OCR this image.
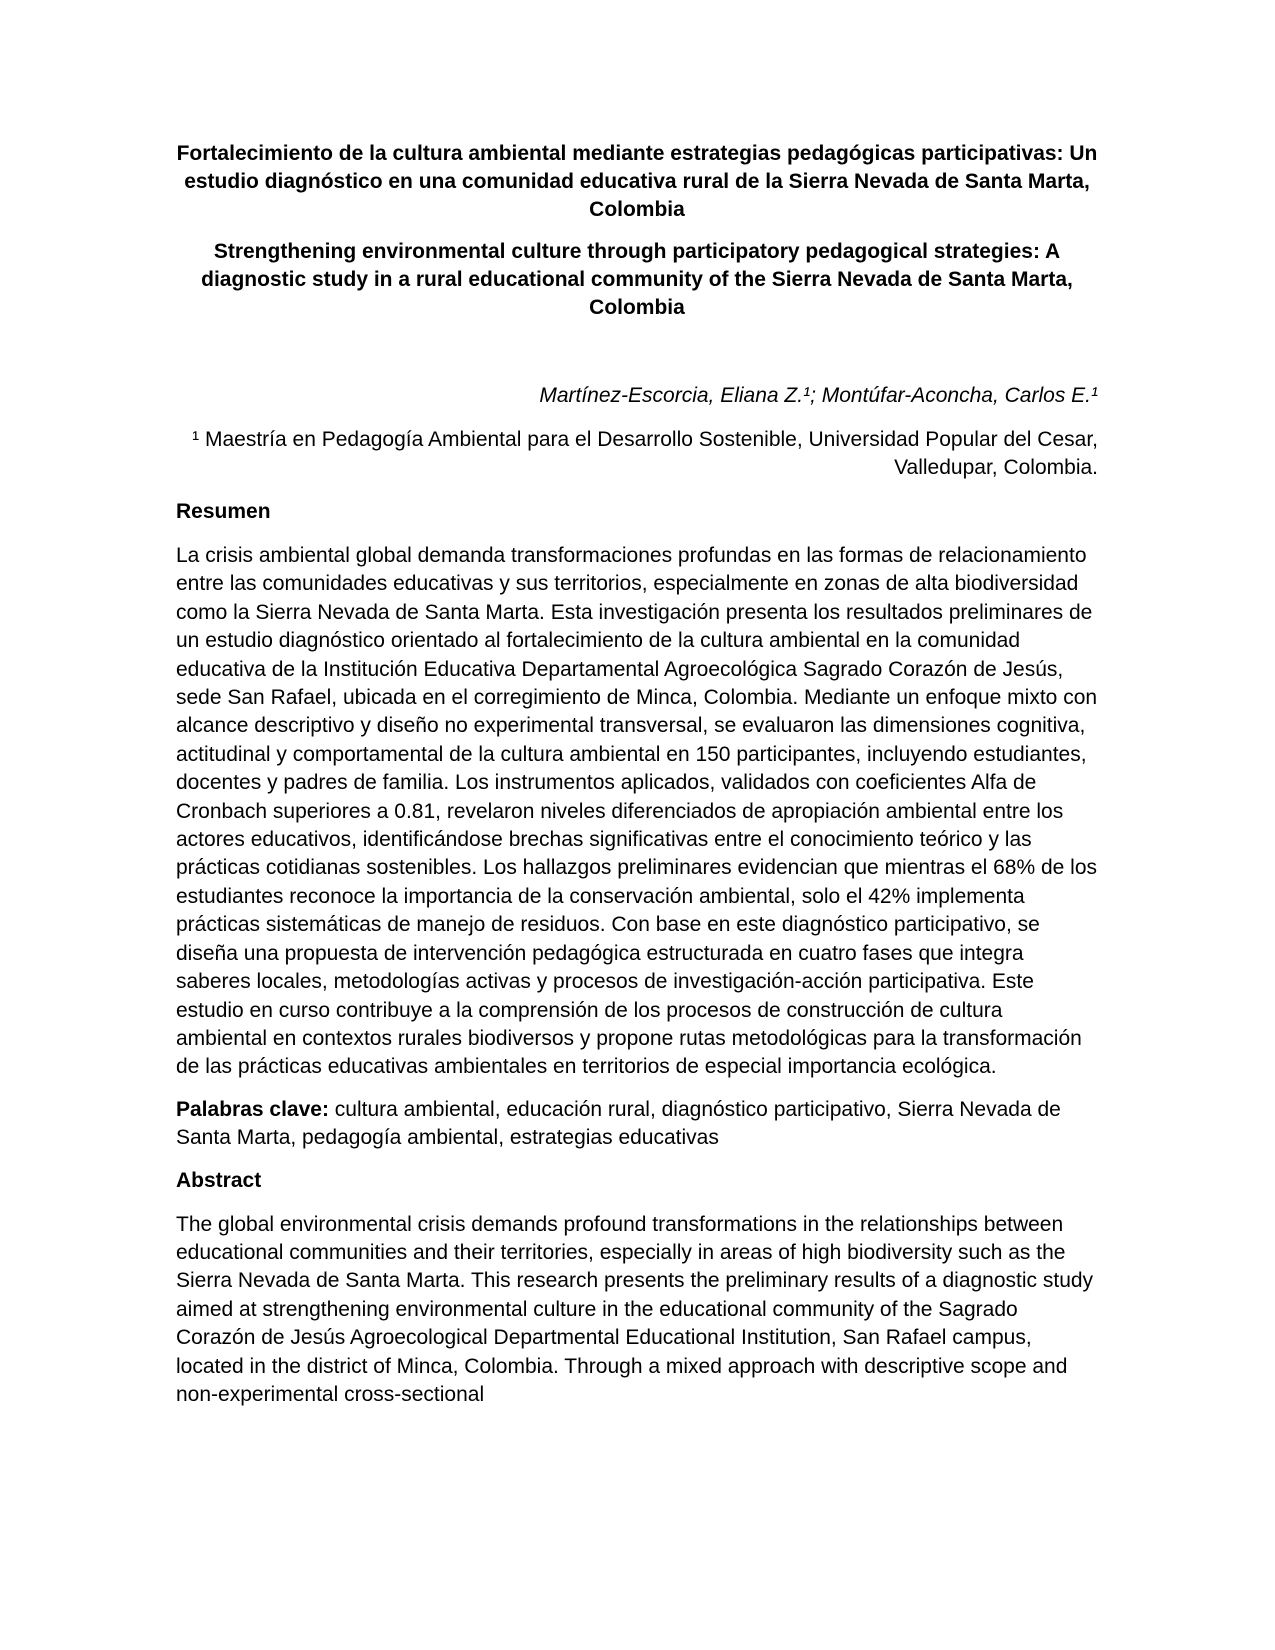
Fortalecimiento de la cultura ambiental mediante estrategias pedagógicas participativas: Un estudio diagnóstico en una comunidad educativa rural de la Sierra Nevada de Santa Marta, Colombia
Strengthening environmental culture through participatory pedagogical strategies: A diagnostic study in a rural educational community of the Sierra Nevada de Santa Marta, Colombia
Martínez-Escorcia, Eliana Z.¹; Montúfar-Aconcha, Carlos E.¹
¹ Maestría en Pedagogía Ambiental para el Desarrollo Sostenible, Universidad Popular del Cesar, Valledupar, Colombia.
Resumen

La crisis ambiental global demanda transformaciones profundas en las formas de relacionamiento entre las comunidades educativas y sus territorios, especialmente en zonas de alta biodiversidad como la Sierra Nevada de Santa Marta. Esta investigación presenta los resultados preliminares de un estudio diagnóstico orientado al fortalecimiento de la cultura ambiental en la comunidad educativa de la Institución Educativa Departamental Agroecológica Sagrado Corazón de Jesús, sede San Rafael, ubicada en el corregimiento de Minca, Colombia. Mediante un enfoque mixto con alcance descriptivo y diseño no experimental transversal, se evaluaron las dimensiones cognitiva, actitudinal y comportamental de la cultura ambiental en 150 participantes, incluyendo estudiantes, docentes y padres de familia. Los instrumentos aplicados, validados con coeficientes Alfa de Cronbach superiores a 0.81, revelaron niveles diferenciados de apropiación ambiental entre los actores educativos, identificándose brechas significativas entre el conocimiento teórico y las prácticas cotidianas sostenibles. Los hallazgos preliminares evidencian que mientras el 68% de los estudiantes reconoce la importancia de la conservación ambiental, solo el 42% implementa prácticas sistemáticas de manejo de residuos. Con base en este diagnóstico participativo, se diseña una propuesta de intervención pedagógica estructurada en cuatro fases que integra saberes locales, metodologías activas y procesos de investigación-acción participativa. Este estudio en curso contribuye a la comprensión de los procesos de construcción de cultura ambiental en contextos rurales biodiversos y propone rutas metodológicas para la transformación de las prácticas educativas ambientales en territorios de especial importancia ecológica.

Palabras clave: cultura ambiental, educación rural, diagnóstico participativo, Sierra Nevada de Santa Marta, pedagogía ambiental, estrategias educativas

Abstract

The global environmental crisis demands profound transformations in the relationships between educational communities and their territories, especially in areas of high biodiversity such as the Sierra Nevada de Santa Marta. This research presents the preliminary results of a diagnostic study aimed at strengthening environmental culture in the educational community of the Sagrado Corazón de Jesús Agroecological Departmental Educational Institution, San Rafael campus, located in the district of Minca, Colombia. Through a mixed approach with descriptive scope and non-experimental cross-sectional
